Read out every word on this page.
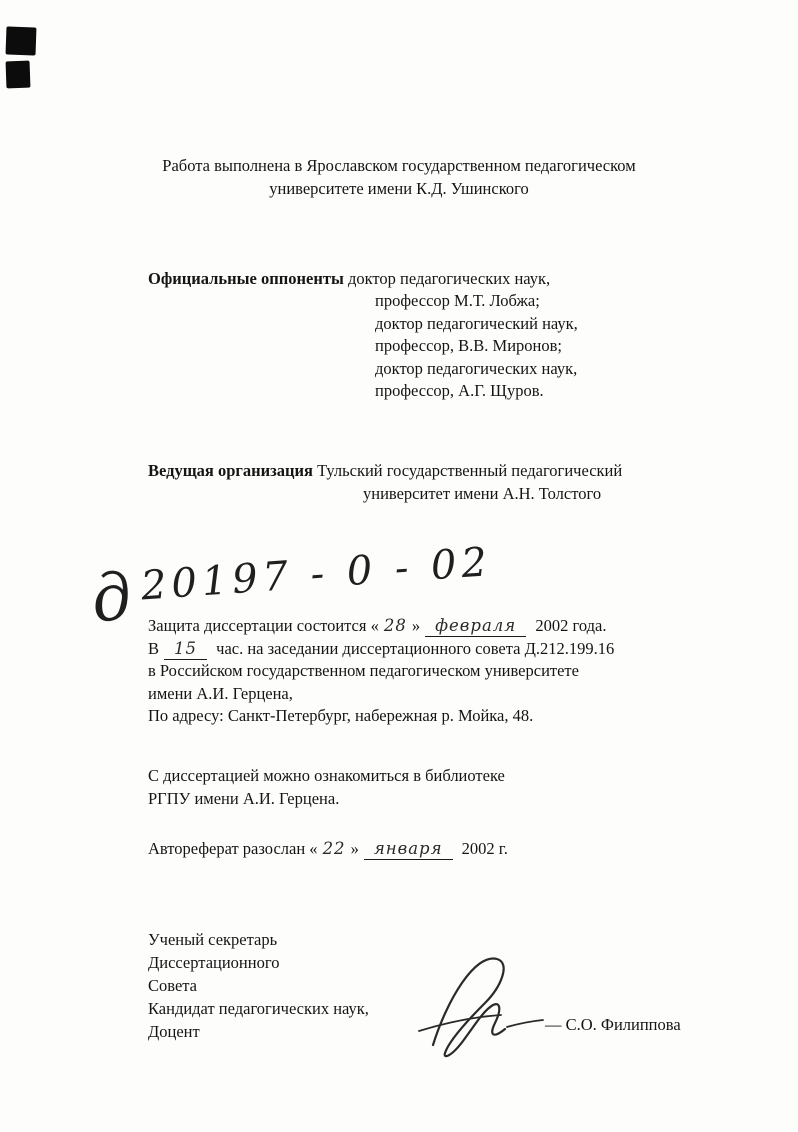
Работа выполнена в Ярославском государственном педагогическом
университете имени К.Д. Ушинского
Официальные оппоненты доктор педагогических наук,
профессор М.Т. Лобжа;
доктор педагогический наук,
профессор, В.В. Миронов;
доктор педагогических наук,
профессор, А.Г. Щуров.
Ведущая организация Тульский государственный педагогический
университет имени А.Н. Толстого
д20197 - 0 - 02
Защита диссертации состоится « 28 » февраля 2002 года.
В 15 час. на заседании диссертационного совета Д.212.199.16
в Российском государственном педагогическом университете
имени А.И. Герцена,
По адресу: Санкт-Петербург, набережная р. Мойка, 48.
С диссертацией можно ознакомиться в библиотеке
РГПУ имени А.И. Герцена.
Автореферат разослан « 22 » января 2002 г.
Ученый секретарь
Диссертационного
Совета
Кандидат педагогических наук,
Доцент	— С.О. Филиппова
